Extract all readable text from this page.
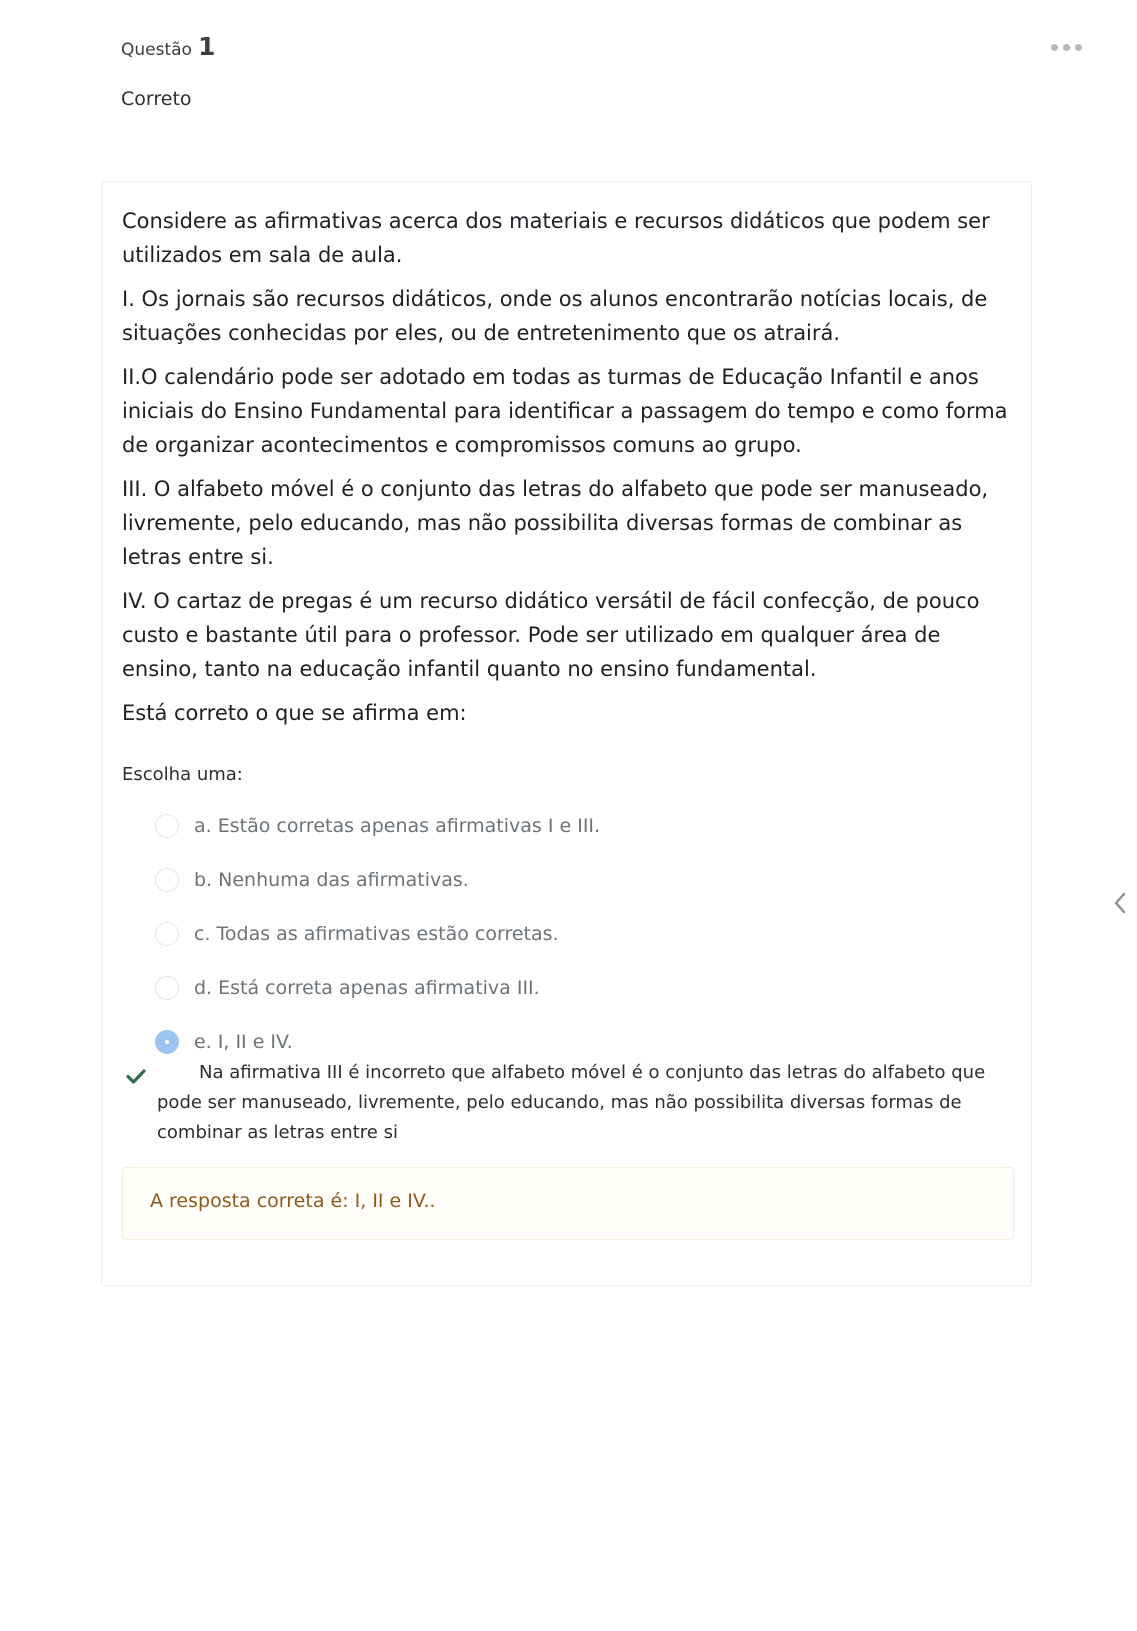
Questão 1
Correto

Considere as afirmativas acerca dos materiais e recursos didáticos que podem ser utilizados em sala de aula.

I. Os jornais são recursos didáticos, onde os alunos encontrarão notícias locais, de situações conhecidas por eles, ou de entretenimento que os atrairá.

II.O calendário pode ser adotado em todas as turmas de Educação Infantil e anos iniciais do Ensino Fundamental para identificar a passagem do tempo e como forma de organizar acontecimentos e compromissos comuns ao grupo.

III. O alfabeto móvel é o conjunto das letras do alfabeto que pode ser manuseado, livremente, pelo educando, mas não possibilita diversas formas de combinar as letras entre si.

IV. O cartaz de pregas é um recurso didático versátil de fácil confecção, de pouco custo e bastante útil para o professor. Pode ser utilizado em qualquer área de ensino, tanto na educação infantil quanto no ensino fundamental.

Está correto o que se afirma em:

Escolha uma:
a. Estão corretas apenas afirmativas I e III.
b. Nenhuma das afirmativas.
c. Todas as afirmativas estão corretas.
d. Está correta apenas afirmativa III.
e. I, II e IV.
Na afirmativa III é incorreto que alfabeto móvel é o conjunto das letras do alfabeto que pode ser manuseado, livremente, pelo educando, mas não possibilita diversas formas de combinar as letras entre si
A resposta correta é: I, II e IV..
